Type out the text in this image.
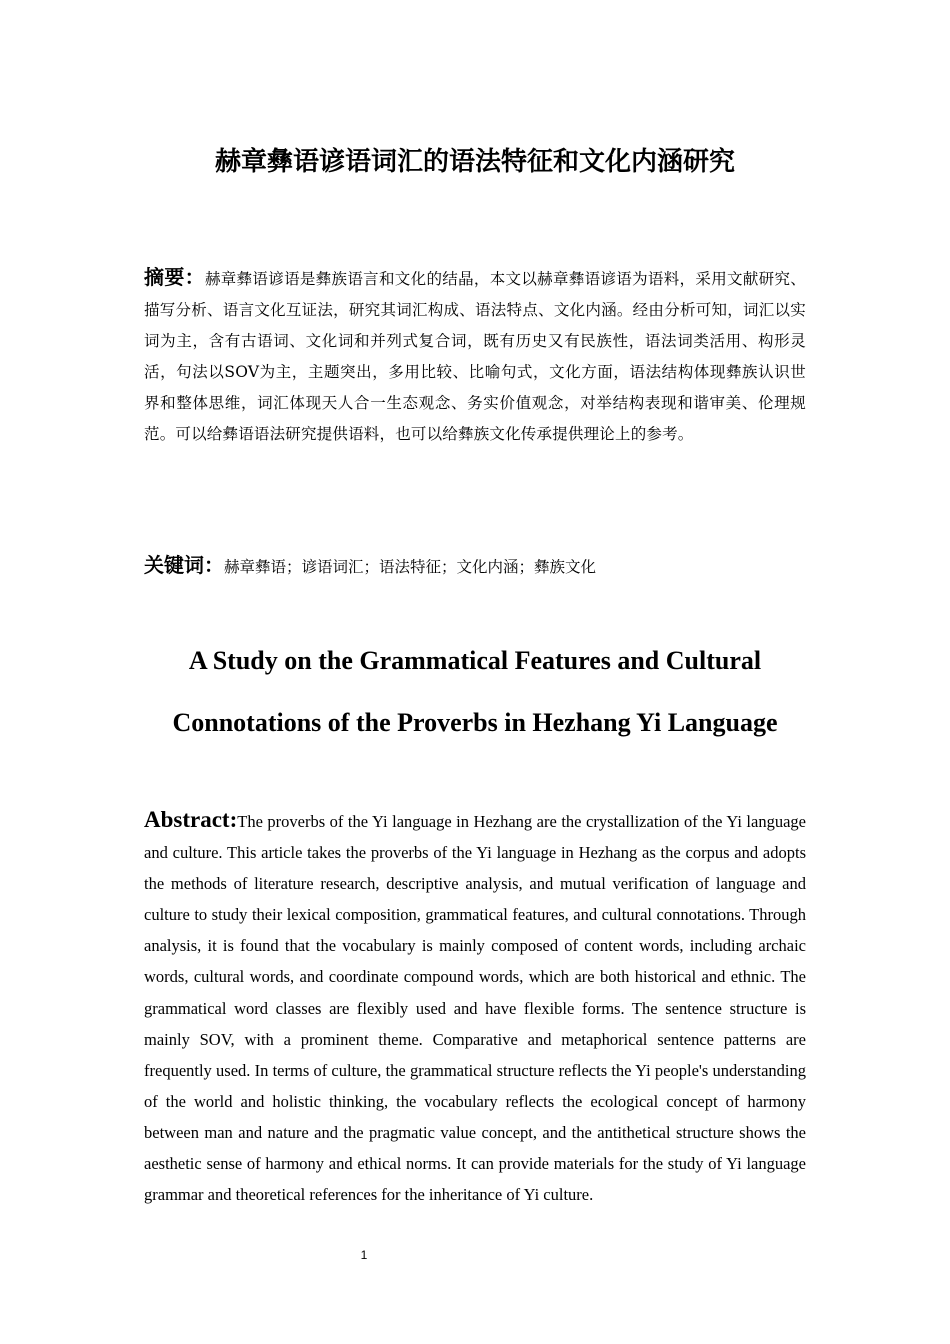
赫章彝语谚语词汇的语法特征和文化内涵研究

摘要：赫章彝语谚语是彝族语言和文化的结晶，本文以赫章彝语谚语为语料，采用文献研究、描写分析、语言文化互证法，研究其词汇构成、语法特点、文化内涵。经由分析可知，词汇以实词为主，含有古语词、文化词和并列式复合词，既有历史又有民族性，语法词类活用、构形灵活，句法以SOV为主，主题突出，多用比较、比喻句式，文化方面，语法结构体现彝族认识世界和整体思维，词汇体现天人合一生态观念、务实价值观念，对举结构表现和谐审美、伦理规范。可以给彝语语法研究提供语料，也可以给彝族文化传承提供理论上的参考。

关键词：赫章彝语；谚语词汇；语法特征；文化内涵；彝族文化

A Study on the Grammatical Features and Cultural
Connotations of the Proverbs in Hezhang Yi Language

Abstract:The proverbs of the Yi language in Hezhang are the crystallization of the Yi language and culture. This article takes the proverbs of the Yi language in Hezhang as the corpus and adopts the methods of literature research, descriptive analysis, and mutual verification of language and culture to study their lexical composition, grammatical features, and cultural connotations. Through analysis, it is found that the vocabulary is mainly composed of content words, including archaic words, cultural words, and coordinate compound words, which are both historical and ethnic. The grammatical word classes are flexibly used and have flexible forms. The sentence structure is mainly SOV, with a prominent theme. Comparative and metaphorical sentence patterns are frequently used. In terms of culture, the grammatical structure reflects the Yi people's understanding of the world and holistic thinking, the vocabulary reflects the ecological concept of harmony between man and nature and the pragmatic value concept, and the antithetical structure shows the aesthetic sense of harmony and ethical norms. It can provide materials for the study of Yi language grammar and theoretical references for the inheritance of Yi culture.

1
